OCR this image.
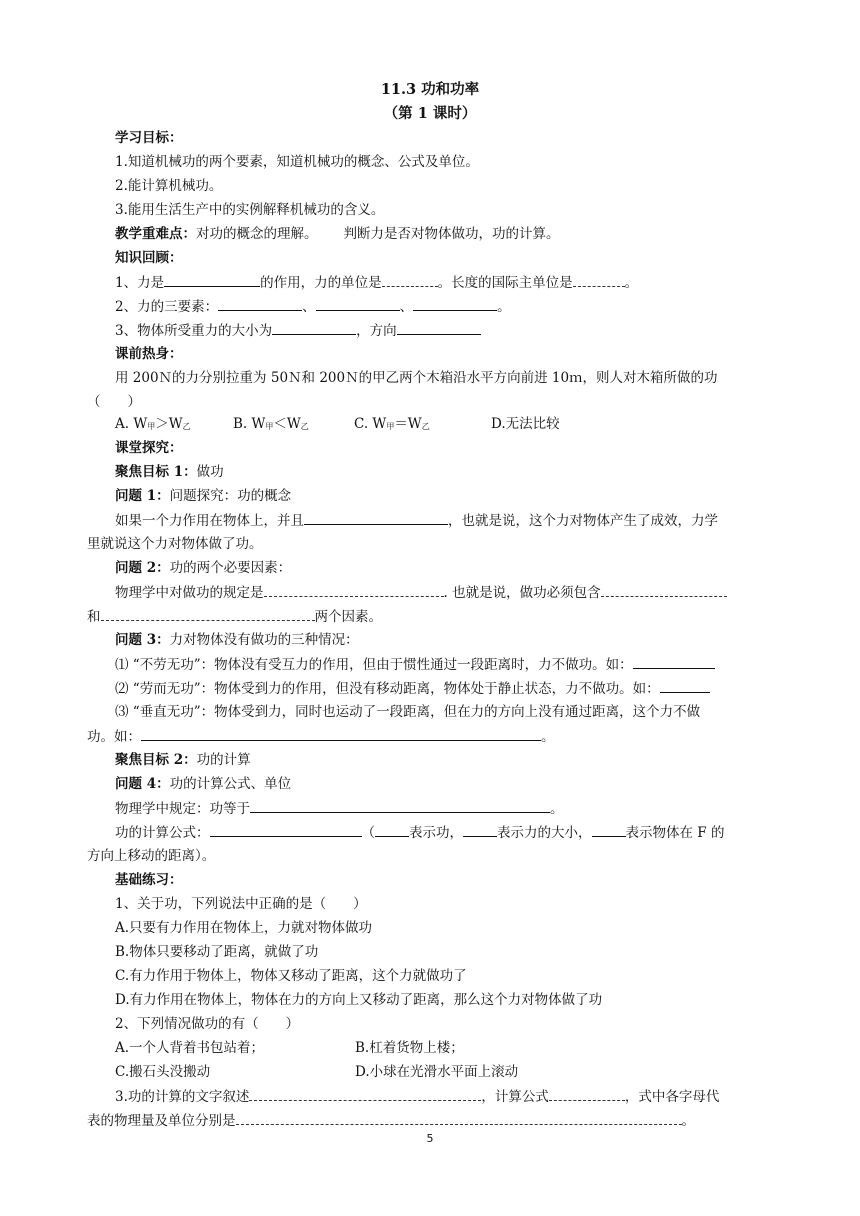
11.3 功和功率
（第 1 课时）
学习目标：
1.知道机械功的两个要素，知道机械功的概念、公式及单位。
2.能计算机械功。
3.能用生活生产中的实例解释机械功的含义。
教学重难点：对功的概念的理解。 判断力是否对物体做功，功的计算。
知识回顾：
1、力是	的作用，力的单位是	。长度的国际主单位是	。
2、力的三要素：	、	、	。
3、物体所受重力的大小为	，方向
课前热身：
用 200Ｎ的力分别拉重为 50Ｎ和 200Ｎ的甲乙两个木箱沿水平方向前进 10ｍ，则人对木箱所做的功
（　　）
A. W甲＞W乙	B. W甲＜W乙	C. W甲＝W乙	D.无法比较
课堂探究：
聚焦目标 1：做功
问题 1：问题探究：功的概念
如果一个力作用在物体上，并且	，也就是说，这个力对物体产生了成效，力学
里就说这个力对物体做了功。
问题 2：功的两个必要因素：
物理学中对做功的规定是	. 也就是说，做功必须包含
和	两个因素。
问题 3：力对物体没有做功的三种情况：
⑴ “不劳无功”：物体没有受互力的作用，但由于惯性通过一段距离时，力不做功。如：
⑵ “劳而无功”：物体受到力的作用，但没有移动距离，物体处于静止状态，力不做功。如：
⑶ “垂直无功”：物体受到力，同时也运动了一段距离，但在力的方向上没有通过距离，这个力不做
功。如：	。
聚焦目标 2：功的计算
问题 4：功的计算公式、单位
物理学中规定：功等于	。
功的计算公式：	（	表示功，	表示力的大小，	表示物体在 F 的
方向上移动的距离）。
基础练习：
1、关于功，下列说法中正确的是（　　）
A.只要有力作用在物体上，力就对物体做功
B.物体只要移动了距离，就做了功
C.有力作用于物体上，物体又移动了距离，这个力就做功了
D.有力作用在物体上，物体在力的方向上又移动了距离，那么这个力对物体做了功
2、下列情况做功的有（　　）
A.一个人背着书包站着；	B.杠着货物上楼；
C.搬石头没搬动	D.小球在光滑水平面上滚动
3.功的计算的文字叙述	，计算公式	，式中各字母代
表的物理量及单位分别是	。
5
